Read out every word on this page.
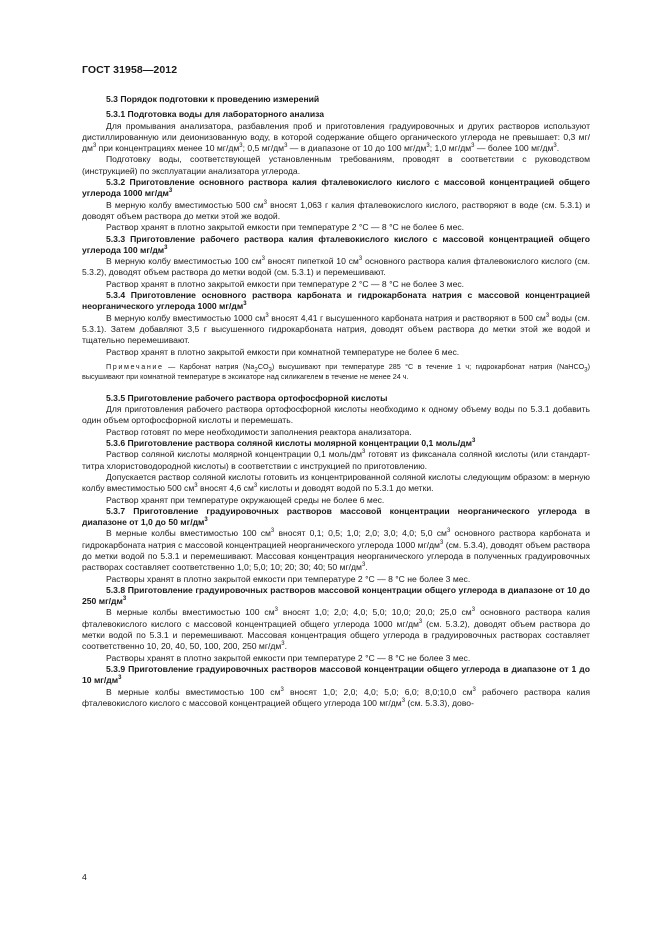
ГОСТ 31958—2012

5.3 Порядок подготовки к проведению измерений

5.3.1 Подготовка воды для лабораторного анализа

Для промывания анализатора, разбавления проб и приготовления градуировочных и других растворов используют дистиллированную или деионизованную воду, в которой содержание общего органического углерода не превышает: 0,3 $мг/дм^3$ при концентрациях менее 10 $мг/дм^3$; 0,5 $мг/дм^3$ — в диапазоне от 10 до 100 $мг/дм^3$; 1,0 $мг/дм^3$ — более 100 $мг/дм^3$.

Подготовку воды, соответствующей установленным требованиям, проводят в соответствии с руководством (инструкцией) по эксплуатации анализатора углерода.

5.3.2 Приготовление основного раствора калия фталевокислого кислого с массовой концентрацией общего углерода 1000 $мг/дм^3$

В мерную колбу вместимостью 500 $см^3$ вносят 1,063 г калия фталевокислого кислого, растворяют в воде (см. 5.3.1) и доводят объем раствора до метки этой же водой.

Раствор хранят в плотно закрытой емкости при температуре 2 °С — 8 °С не более 6 мес.

5.3.3 Приготовление рабочего раствора калия фталевокислого кислого с массовой концентрацией общего углерода 100 $мг/дм^3$

В мерную колбу вместимостью 100 $см^3$ вносят пипеткой 10 $см^3$ основного раствора калия фталевокислого кислого (см. 5.3.2), доводят объем раствора до метки водой (см. 5.3.1) и перемешивают.

Раствор хранят в плотно закрытой емкости при температуре 2 °С — 8 °С не более 3 мес.

5.3.4 Приготовление основного раствора карбоната и гидрокарбоната натрия с массовой концентрацией неорганического углерода 1000 $мг/дм^3$

В мерную колбу вместимостью 1000 $см^3$ вносят 4,41 г высушенного карбоната натрия и растворяют в 500 $см^3$ воды (см. 5.3.1). Затем добавляют 3,5 г высушенного гидрокарбоната натрия, доводят объем раствора до метки этой же водой и тщательно перемешивают.

Раствор хранят в плотно закрытой емкости при комнатной температуре не более 6 мес.

Примечание — Карбонат натрия $(Na_2CO_3)$ высушивают при температуре 285 °С в течение 1 ч; гидрокарбонат натрия (NaHCO$_3$) высушивают при комнатной температуре в эксикаторе над силикагелем в течение не менее 24 ч.

5.3.5 Приготовление рабочего раствора ортофосфорной кислоты

Для приготовления рабочего раствора ортофосфорной кислоты необходимо к одному объему воды по 5.3.1 добавить один объем ортофосфорной кислоты и перемешать.

Раствор готовят по мере необходимости заполнения реактора анализатора.

5.3.6 Приготовление раствора соляной кислоты молярной концентрации 0,1 моль/$дм^3$

Раствор соляной кислоты молярной концентрации 0,1 моль/$дм^3$ готовят из фиксанала соляной кислоты (или стандарт-титра хлористоводородной кислоты) в соответствии с инструкцией по приготовлению.

Допускается раствор соляной кислоты готовить из концентрированной соляной кислоты следующим образом: в мерную колбу вместимостью 500 $см^3$ вносят 4,6 $см^3$ кислоты и доводят водой по 5.3.1 до метки.

Раствор хранят при температуре окружающей среды не более 6 мес.

5.3.7 Приготовление градуировочных растворов массовой концентрации неорганического углерода в диапазоне от 1,0 до 50 $мг/дм^3$

В мерные колбы вместимостью 100 $см^3$ вносят 0,1; 0,5; 1,0; 2,0; 3,0; 4,0; 5,0 $см^3$ основного раствора карбоната и гидрокарбоната натрия с массовой концентрацией неорганического углерода 1000 $мг/дм^3$ (см. 5.3.4), доводят объем раствора до метки водой по 5.3.1 и перемешивают. Массовая концентрация неорганического углерода в полученных градуировочных растворах составляет соответственно 1,0; 5,0; 10; 20; 30; 40; 50 $мг/дм^3$.

Растворы хранят в плотно закрытой емкости при температуре 2 °С — 8 °С не более 3 мес.

5.3.8 Приготовление градуировочных растворов массовой концентрации общего углерода в диапазоне от 10 до 250 $мг/дм^3$

В мерные колбы вместимостью 100 $см^3$ вносят 1,0; 2,0; 4,0; 5,0; 10,0; 20,0; 25,0 $см^3$ основного раствора калия фталевокислого кислого с массовой концентрацией общего углерода 1000 $мг/дм^3$ (см. 5.3.2), доводят объем раствора до метки водой по 5.3.1 и перемешивают. Массовая концентрация общего углерода в градуировочных растворах составляет соответственно 10, 20, 40, 50, 100, 200, 250 $мг/дм^3$.

Растворы хранят в плотно закрытой емкости при температуре 2 °С — 8 °С не более 3 мес.

5.3.9 Приготовление градуировочных растворов массовой концентрации общего углерода в диапазоне от 1 до 10 $мг/дм^3$

В мерные колбы вместимостью 100 $см^3$ вносят 1,0; 2,0; 4,0; 5,0; 6,0; 8,0;10,0 $см^3$ рабочего раствора калия фталевокислого кислого с массовой концентрацией общего углерода 100 $мг/дм^3$ (см. 5.3.3), дово-

4
